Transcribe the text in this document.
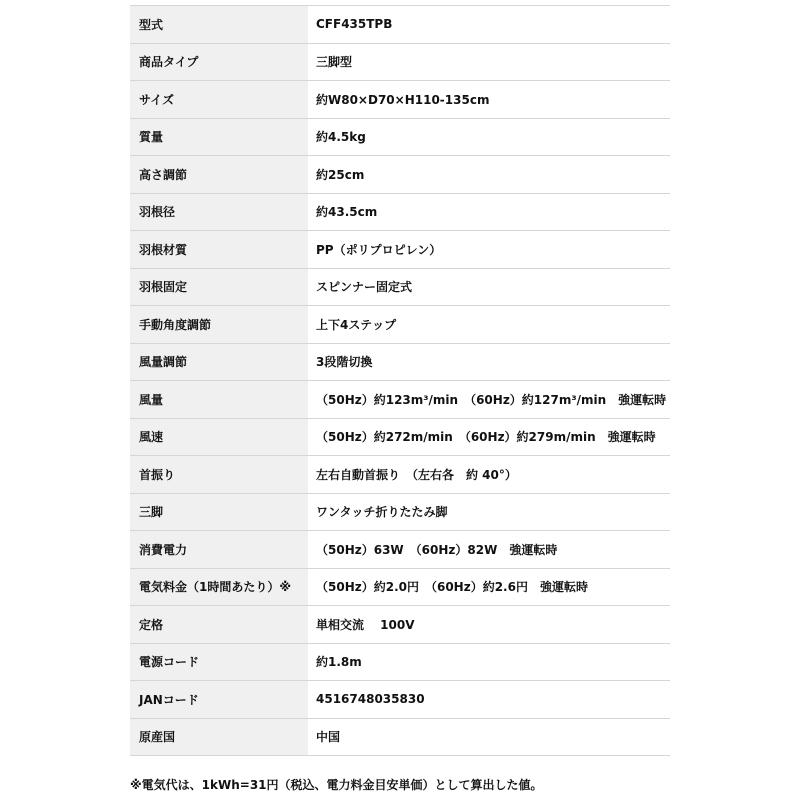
型式	CFF435TPB
商品タイプ	三脚型
サイズ	約W80×D70×H110-135cm
質量	約4.5kg
高さ調節	約25cm
羽根径	約43.5cm
羽根材質	PP（ポリプロピレン）
羽根固定	スピンナー固定式
手動角度調節	上下4ステップ
風量調節	3段階切換
風量	（50Hz）約123m³/min　（60Hz）約127m³/min　強運転時
風速	（50Hz）約272m/min　（60Hz）約279m/min　強運転時
首振り	左右自動首振り　（左右各　約 40°）
三脚	ワンタッチ折りたたみ脚
消費電力	（50Hz）63W　（60Hz）82W　強運転時
電気料金（1時間あたり）※	（50Hz）約2.0円　（60Hz）約2.6円　強運転時
定格	単相交流　 100V
電源コード	約1.8m
JANコード	4516748035830
原産国	中国
※電気代は、1kWh=31円（税込、電力料金目安単価）として算出した値。
